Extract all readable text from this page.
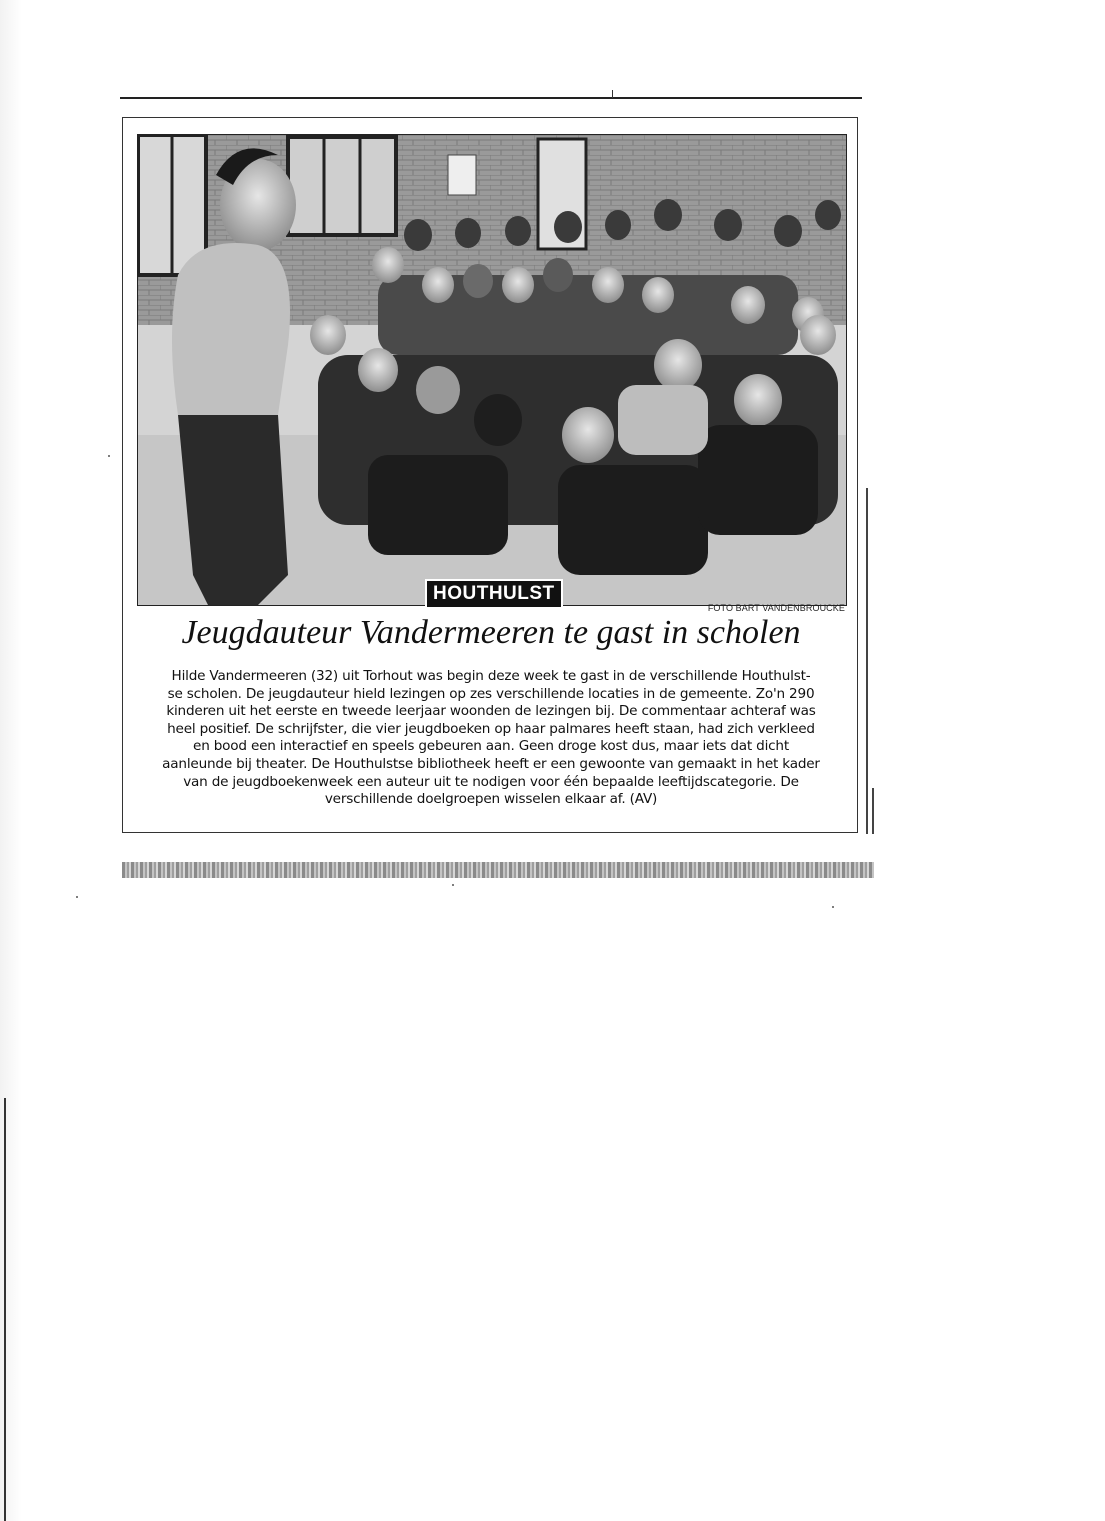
HOUTHULST
FOTO BART VANDENBROUCKE
Jeugdauteur Vandermeeren te gast in scholen
Hilde Vandermeeren (32) uit Torhout was begin deze week te gast in de verschillende Houthulst-
se scholen. De jeugdauteur hield lezingen op zes verschillende locaties in de gemeente. Zo'n 290
kinderen uit het eerste en tweede leerjaar woonden de lezingen bij. De commentaar achteraf was
heel positief. De schrijfster, die vier jeugdboeken op haar palmares heeft staan, had zich verkleed
en bood een interactief en speels gebeuren aan. Geen droge kost dus, maar iets dat dicht
aanleunde bij theater. De Houthulstse bibliotheek heeft er een gewoonte van gemaakt in het kader
van de jeugdboekenweek een auteur uit te nodigen voor één bepaalde leeftijdscategorie. De
verschillende doelgroepen wisselen elkaar af. (AV)
